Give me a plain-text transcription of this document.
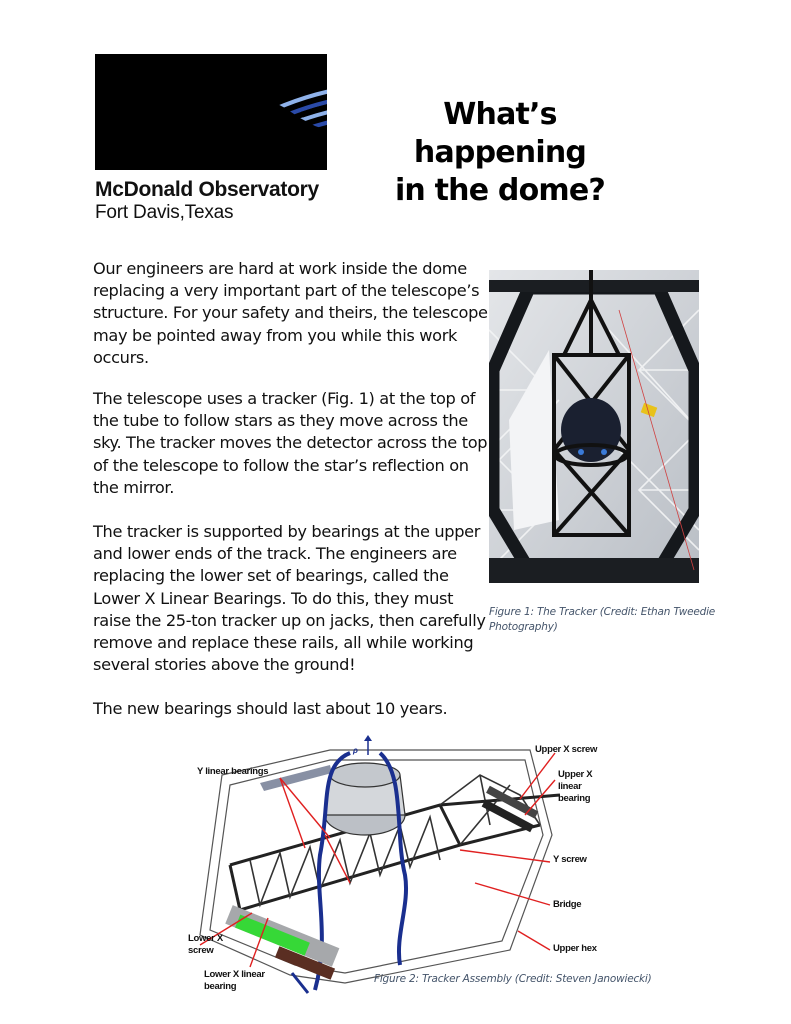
McDonald Observatory
Fort Davis,Texas
What’s happening
in the dome?
Our engineers are hard at work inside the dome replacing a very important part of the telescope’s structure. For your safety and theirs, the telescope may be pointed away from you while this work occurs.
The telescope uses a tracker (Fig. 1) at the top of the tube to follow stars as they move across the sky. The tracker moves the detector across the top of the telescope to follow the star’s reflection on the mirror.
The tracker is supported by bearings at the upper and lower ends of the track. The engineers are replacing the lower set of bearings, called the Lower X Linear Bearings. To do this, they must raise the 25-ton tracker up on jacks, then carefully remove and replace these rails, all while working several stories above the ground!
The new bearings should last about 10 years.
Figure 1: The Tracker (Credit: Ethan Tweedie Photography)
ρ
Y linear bearings
Upper X screw
Upper X linear bearing
Y screw
Bridge
Upper hex
Lower X screw
Lower X linear bearing
Figure 2: Tracker Assembly (Credit: Steven Janowiecki)
